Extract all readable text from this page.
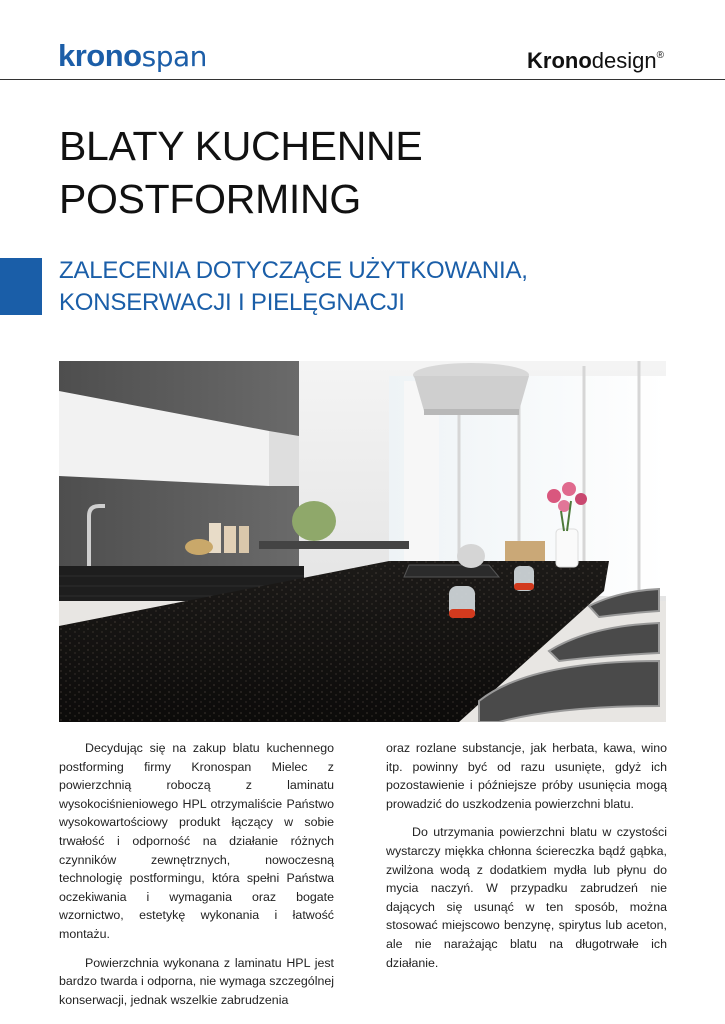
kronospan	Kronodesign®
BLATY KUCHENNE
POSTFORMING
ZALECENIA DOTYCZĄCE UŻYTKOWANIA,
KONSERWACJI I PIELĘGNACJI

Decydując się na zakup blatu kuchennego postforming firmy Kronospan Mielec z powierzchnią roboczą z laminatu wysokociśnieniowego HPL otrzymaliście Państwo wysokowartościowy produkt łączący w sobie trwałość i odporność na działanie różnych czynników zewnętrznych, nowoczesną technologię postformingu, która spełni Państwa oczekiwania i wymagania oraz bogate wzornictwo, estetykę wykonania i łatwość montażu.

Powierzchnia wykonana z laminatu HPL jest bardzo twarda i odporna, nie wymaga szczególnej konserwacji, jednak wszelkie zabrudzenia

oraz rozlane substancje, jak herbata, kawa, wino itp. powinny być od razu usunięte, gdyż ich pozostawienie i późniejsze próby usunięcia mogą prowadzić do uszkodzenia powierzchni blatu.

Do utrzymania powierzchni blatu w czystości wystarczy miękka chłonna ściereczka bądź gąbka, zwilżona wodą z dodatkiem mydła lub płynu do mycia naczyń. W przypadku zabrudzeń nie dających się usunąć w ten sposób, można stosować miejscowo benzynę, spirytus lub aceton, ale nie narażając blatu na długotrwałe ich działanie.
